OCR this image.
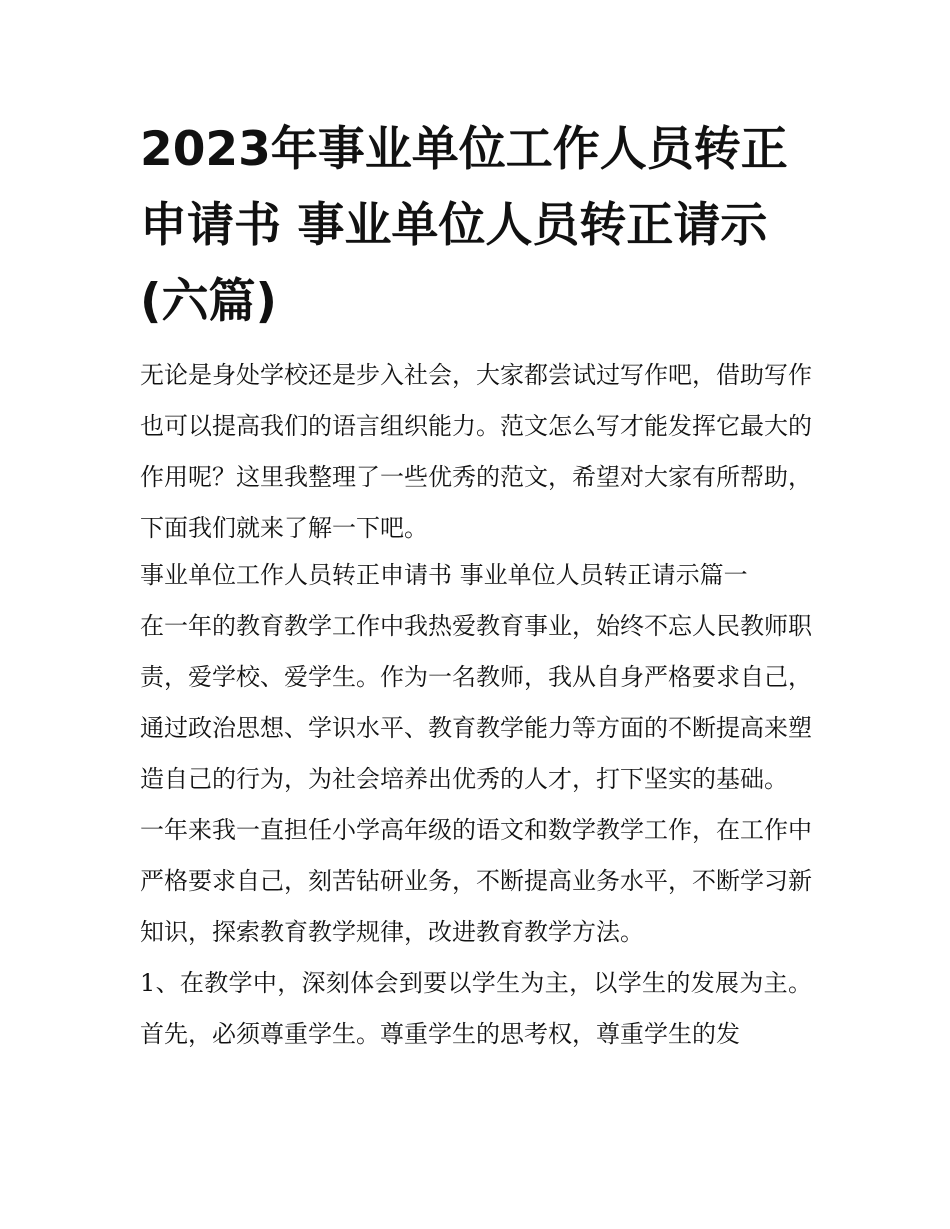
2023年事业单位工作人员转正申请书 事业单位人员转正请示(六篇)

无论是身处学校还是步入社会，大家都尝试过写作吧，借助写作也可以提高我们的语言组织能力。范文怎么写才能发挥它最大的作用呢？这里我整理了一些优秀的范文，希望对大家有所帮助，下面我们就来了解一下吧。

事业单位工作人员转正申请书 事业单位人员转正请示篇一

在一年的教育教学工作中我热爱教育事业，始终不忘人民教师职责，爱学校、爱学生。作为一名教师，我从自身严格要求自己，通过政治思想、学识水平、教育教学能力等方面的不断提高来塑造自己的行为，为社会培养出优秀的人才，打下坚实的基础。

一年来我一直担任小学高年级的语文和数学教学工作，在工作中严格要求自己，刻苦钻研业务，不断提高业务水平，不断学习新知识，探索教育教学规律，改进教育教学方法。

1、在教学中，深刻体会到要以学生为主，以学生的发展为主。首先，必须尊重学生。尊重学生的思考权，尊重学生的发
